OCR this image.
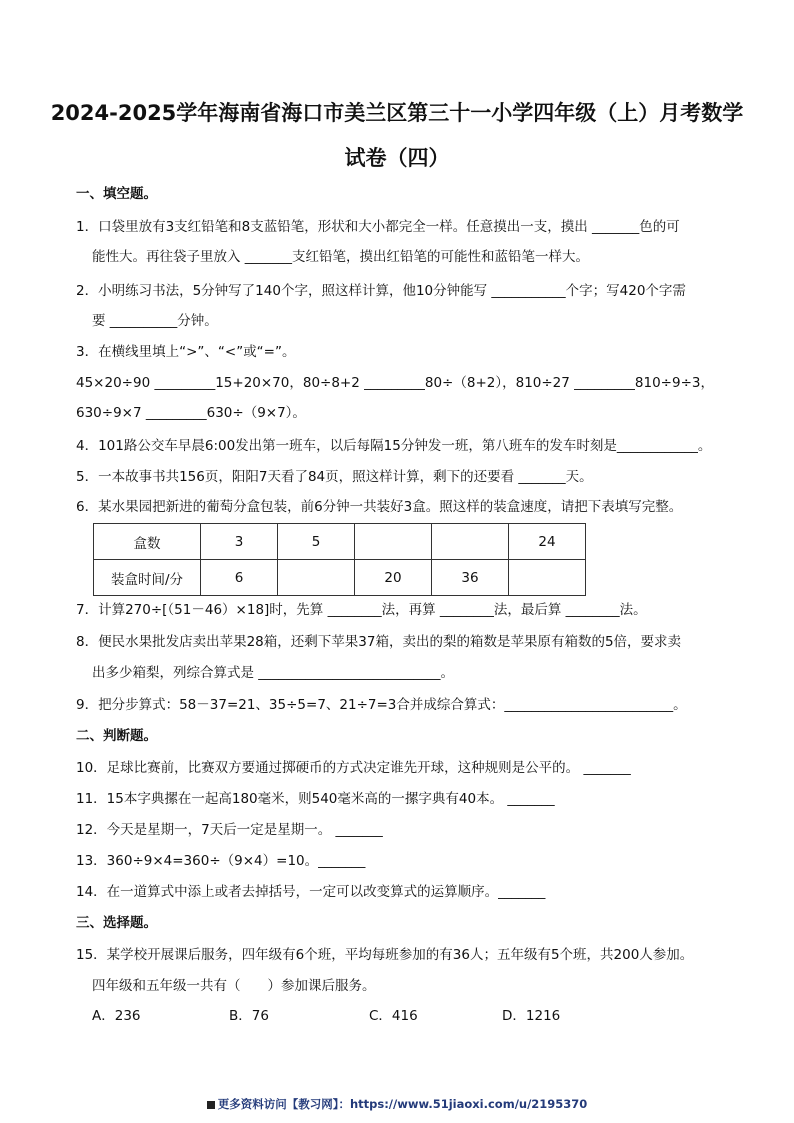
2024-2025学年海南省海口市美兰区第三十一小学四年级（上）月考数学
试卷（四）
一、填空题。
1．口袋里放有3支红铅笔和8支蓝铅笔，形状和大小都完全一样。任意摸出一支，摸出 _______色的可
能性大。再往袋子里放入 _______支红铅笔，摸出红铅笔的可能性和蓝铅笔一样大。
2．小明练习书法，5分钟写了140个字，照这样计算，他10分钟能写 ___________个字；写420个字需
要 __________分钟。
3．在横线里填上“>”、“<”或“=”。
45×20÷90 _________15+20×70，80÷8+2 _________80÷（8+2），810÷27 _________810÷9÷3，
630÷9×7 _________630÷（9×7）。
4．101路公交车早晨6:00发出第一班车，以后每隔15分钟发一班，第八班车的发车时刻是____________。
5．一本故事书共156页，阳阳7天看了84页，照这样计算，剩下的还要看 _______天。
6．某水果园把新进的葡萄分盒包装，前6分钟一共装好3盒。照这样的装盒速度，请把下表填写完整。
盒数	3	5			24
装盒时间/分	6		20	36	
7．计算270÷[（51－46）×18]时，先算 ________法，再算 ________法，最后算 ________法。
8．便民水果批发店卖出苹果28箱，还剩下苹果37箱，卖出的梨的箱数是苹果原有箱数的5倍，要求卖
出多少箱梨，列综合算式是 ___________________________。
9．把分步算式：58－37=21、35÷5=7、21÷7=3合并成综合算式：_________________________。
二、判断题。
10．足球比赛前，比赛双方要通过掷硬币的方式决定谁先开球，这种规则是公平的。 _______
11．15本字典摞在一起高180毫米，则540毫米高的一摞字典有40本。 _______
12．今天是星期一，7天后一定是星期一。 _______
13．360÷9×4=360÷（9×4）=10。_______
14．在一道算式中添上或者去掉括号，一定可以改变算式的运算顺序。_______
三、选择题。
15．某学校开展课后服务，四年级有6个班，平均每班参加的有36人；五年级有5个班，共200人参加。
四年级和五年级一共有（　　）参加课后服务。
A．236	B．76	C．416	D．1216
更多资料访问【教习网】：https://www.51jiaoxi.com/u/2195370
